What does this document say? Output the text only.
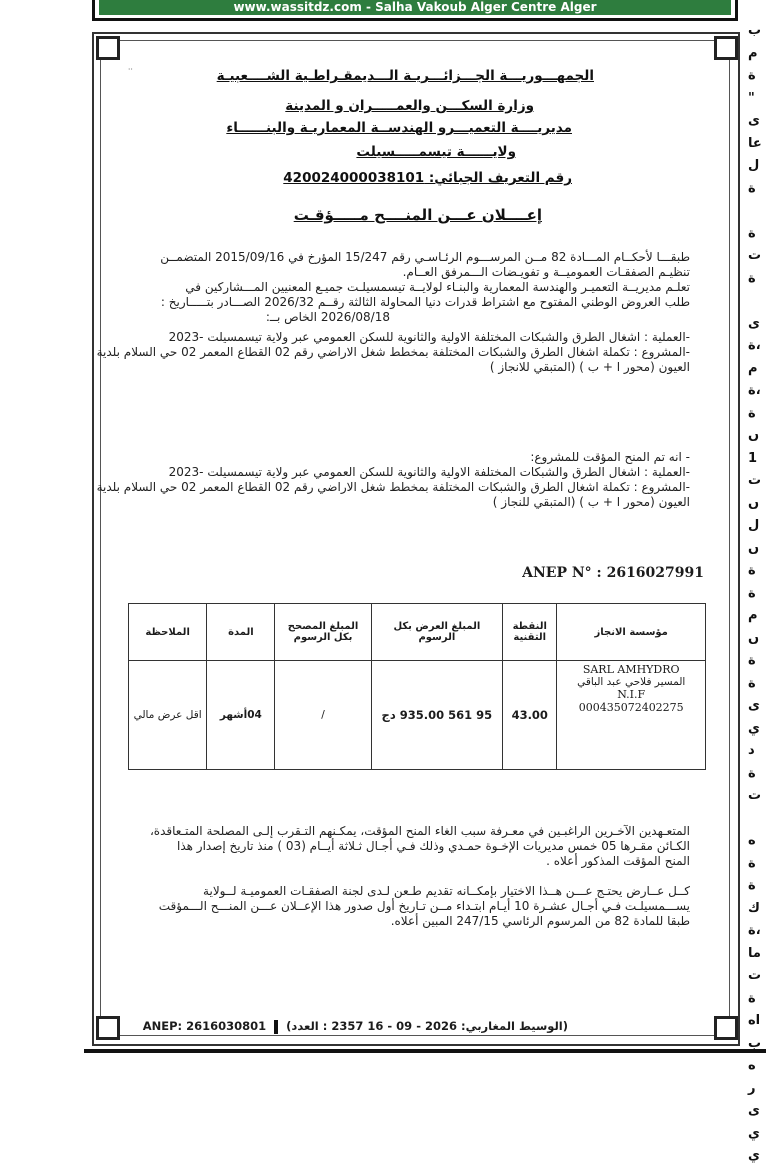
www.wassitdz.com - Salha Vakoub Alger Centre Alger
ب
م
ة
"
ى
عا
ل
ة

ة
ت
ة

ی
ة،
م
ة،
ة
ں
1
ت
ں
ل
ں
ة
ة
م
ں
ة
ة
ی
ي
د
ة
ت

ه
ة
ة
ك
ة،
ما
ت
ة
اه
ب
ه
ر
ی
ي
ي
⸱⸱	الجمهـــوريـــة الجـــزائـــريـة الـــديمقـراطـية الشــــعبيـة
وزارة السكـــن والعمـــــران و المدينة
مديريــــة التعميـــرو الهندســة المعماريـة والبنــــــاء
ولايــــــة تيسمـــــسيلت
رقم التعريف الجبائي: 420024000038101
إعــــلان عـــن المنــــح مـــــؤقـت
طبقـــا لأحكــام المـــادة 82 مــن المرســـوم الرئـاسـي رقم 15/247 المؤرخ في 2015/09/16 المتضمــن
تنظيـم الصفقـات العموميــة و تفويـضات الـــمرفق العــام.
تعلـم مديريــة التعميـر والهندسة المعمارية والبنـاء لولايــة تيسمسيلـت جميـع المعنيين المـــشاركين في
طلب العروض الوطني المفتوح مع اشتراط قدرات دنيا المحاولة الثالثة رقــم 2026/32 الصـــادر بتـــــاريخ :
2026/08/18 الخاص بــ:
-العملية : اشغال الطرق والشبكات المختلفة الاولية والثانوية للسكن العمومي عبر ولاية تيسمسيلت -2023
-المشروع : تكملة اشغال الطرق والشبكات المختلفة بمخطط شغل الاراضي رقم 02 القطاع المعمر 02 حي السلام بلدية
العيون (محور ا + ب ) (المتبقي للانجاز )
- انه تم المنح المؤقت للمشروع:
-العملية : اشغال الطرق والشبكات المختلفة الاولية والثانوية للسكن العمومي عبر ولاية تيسمسيلت -2023
-المشروع : تكملة اشغال الطرق والشبكات المختلفة بمخطط شغل الاراضي رقم 02 القطاع المعمر 02 حي السلام بلدية
العيون (محور ا + ب ) (المتبقي للنجاز )
ANEP N° : 2616027991
مؤسسة الانجاز	النقطة التقنية	المبلغ العرض بكل الرسوم	المبلغ المصحح بكل الرسوم	المدة	الملاحظة

SARL AMHYDRO
المسير فلاحي عبد الباقي
N.I.F
000435072402275	43.00	95 561 935.00 دج	/	04أشهر	اقل عرض مالي
المتعـهدين الآخـرين الراغبـين في معـرفة سبب الغاء المنح المؤقت، يمكـنهم التـقرب إلـى المصلحة المتـعاقدة،
الكـائن مقـرها 05 خمس مديريات الإخـوة حمـدي وذلك فـي أجـال ثـلاثة أيــام (03 ) منذ تاريخ إصدار هذا
المنح المؤقت المذكور أعلاه .
كــل عــارض يحتـج عـــن هــذا الاختيار بإمكــانه تقديم طـعن لـدى لجنة الصفقـات العموميـة لــولاية
يســـمسيلـت فـي أجـال عشـرة 10 أيـام ابتـداء مــن تـاريخ أول صدور هذا الإعــلان عـــن المنـــح الـــمؤقت
طبقا للمادة 82 من المرسوم الرئاسي 247/15 المبين أعلاه.
(الوسيط المغاربي: 2026 - 09 - 16 2357 : العدد)  ANEP: 2616030801
